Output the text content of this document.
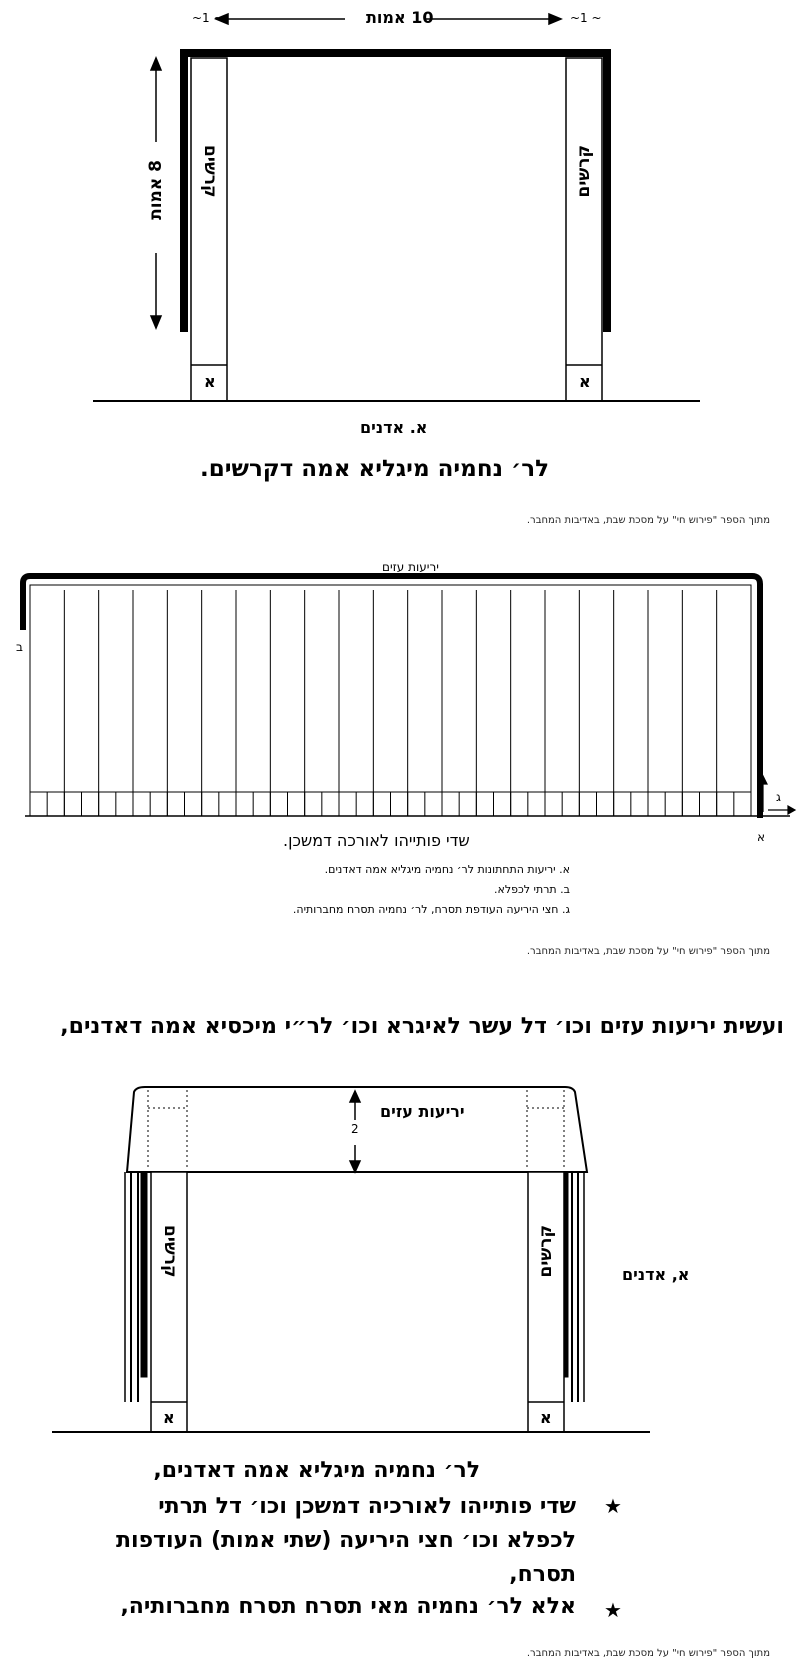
10 אמות
~1 ~	~1 ~
8 אמות קרשים	קרשים
א	א
א. אדנים
לר׳ נחמיה מיגליא אמה דקרשים.
מתוך הספר "פירוש חי" על מסכת שבת, באדיבות המחבר.
יריעות עזים
ב
ג
א
שדי פותייהו לאורכה דמשכן.
א. יריעות התחתונות לר׳ נחמיה מיגליא אמה דאדנים.
ב. תרתי לכפלא.
ג. חצי היריעה העודפת תסרח, לר׳ נחמיה תסרח מחברותיה.
מתוך הספר "פירוש חי" על מסכת שבת, באדיבות המחבר.
ועשית יריעות עזים וכו׳ דל עשר לאיגרא וכו׳ לר״י מיכסיא אמה דאדנים,
יריעות עזים
2
קרשים	קרשים
א	א
א, אדנים
לר׳ נחמיה מיגליא אמה דאדנים,
★
שדי פותייהו לאורכיה דמשכן וכו׳ דל תרתי
לכפלא וכו׳ חצי היריעה (שתי אמות) העודפות
תסרח,
★
אלא לר׳ נחמיה מאי תסרח תסרח מחברותיה,
מתוך הספר "פירוש חי" על מסכת שבת, באדיבות המחבר.
